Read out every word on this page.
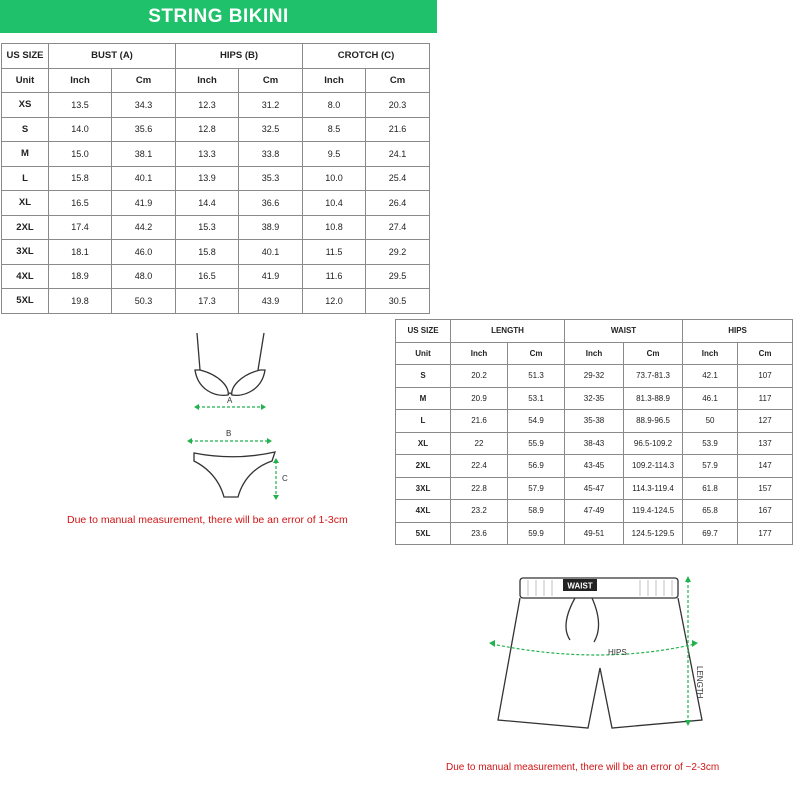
STRING BIKINI
US SIZE	BUST (A)		HIPS (B)		CROTCH (C)	
Unit	Inch	Cm	Inch	Cm	Inch	Cm
XS	13.5	34.3	12.3	31.2	8.0	20.3
S	14.0	35.6	12.8	32.5	8.5	21.6
M	15.0	38.1	13.3	33.8	9.5	24.1
L	15.8	40.1	13.9	35.3	10.0	25.4
XL	16.5	41.9	14.4	36.6	10.4	26.4
2XL	17.4	44.2	15.3	38.9	10.8	27.4
3XL	18.1	46.0	15.8	40.1	11.5	29.2
4XL	18.9	48.0	16.5	41.9	11.6	29.5
5XL	19.8	50.3	17.3	43.9	12.0	30.5
US SIZE	LENGTH		WAIST		HIPS	
Unit	Inch	Cm	Inch	Cm	Inch	Cm
S	20.2	51.3	29-32	73.7-81.3	42.1	107
M	20.9	53.1	32-35	81.3-88.9	46.1	117
L	21.6	54.9	35-38	88.9-96.5	50	127
XL	22	55.9	38-43	96.5-109.2	53.9	137
2XL	22.4	56.9	43-45	109.2-114.3	57.9	147
3XL	22.8	57.9	45-47	114.3-119.4	61.8	157
4XL	23.2	58.9	47-49	119.4-124.5	65.8	167
5XL	23.6	59.9	49-51	124.5-129.5	69.7	177
A
B
C
Due to manual measurement, there will be an error of 1-3cm
WAIST
HIPS
LENGTH
Due to manual measurement, there will be an error of ~2-3cm
